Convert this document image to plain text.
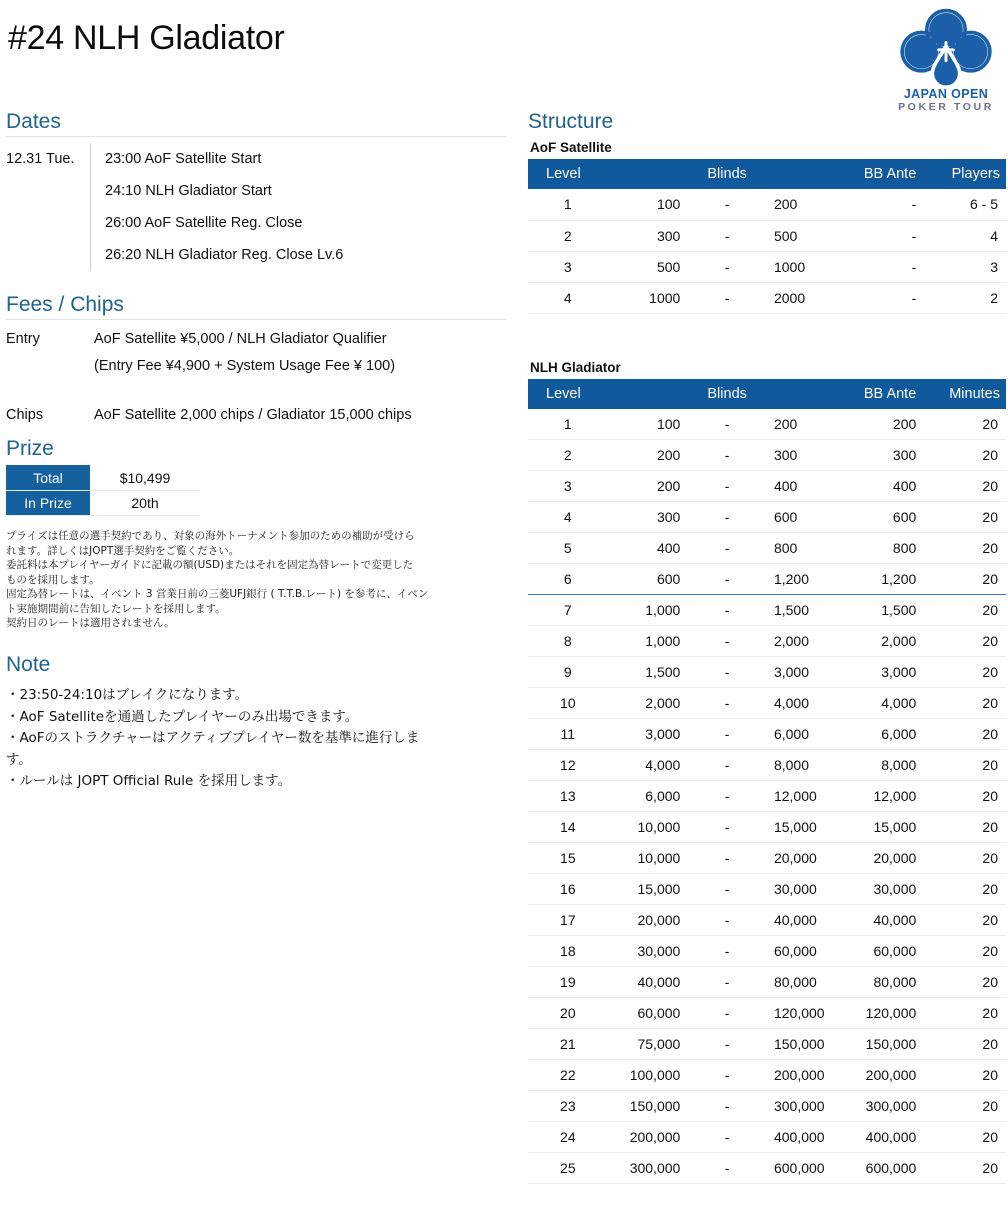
#24 NLH Gladiator
JAPAN OPEN
POKER TOUR
Dates
12.31 Tue.	23:00 AoF Satellite Start
24:10 NLH Gladiator Start
26:00 AoF Satellite Reg. Close
26:20 NLH Gladiator Reg. Close Lv.6
Fees / Chips
Entry	AoF Satellite ¥5,000 / NLH Gladiator Qualifier
(Entry Fee ¥4,900 + System Usage Fee ¥ 100)
Chips	AoF Satellite 2,000 chips / Gladiator 15,000 chips
Prize
Total	$10,499
In Prize	20th

プライズは任意の選手契約であり、対象の海外トーナメント参加のための補助が受けら

れます。詳しくはJOPT選手契約をご覧ください。

委託料は本プレイヤーガイドに記載の額(USD)またはそれを固定為替レートで変更した

ものを採用します。

固定為替レートは、イベント 3 営業日前の三菱UFJ銀行 ( T.T.B.レート) を参考に、イベン

ト実施期間前に告知したレートを採用します。

契約日のレートは適用されません。

Note

・23:50-24:10はブレイクになります。

・AoF Satelliteを通過したプレイヤーのみ出場できます。

・AoFのストラクチャーはアクティブプレイヤー数を基準に進行しま

す。

・ルールは JOPT Official Rule を採用します。

Structure
AoF Satellite
Level	Blinds			BB Ante	Players
1	100	-	200	-	6 - 5
2	300	-	500	-	4
3	500	-	1000	-	3
4	1000	-	2000	-	2
NLH Gladiator
Level	Blinds			BB Ante	Minutes
1	100	-	200	200	20
2	200	-	300	300	20
3	200	-	400	400	20
4	300	-	600	600	20
5	400	-	800	800	20
6	600	-	1,200	1,200	20
7	1,000	-	1,500	1,500	20
8	1,000	-	2,000	2,000	20
9	1,500	-	3,000	3,000	20
10	2,000	-	4,000	4,000	20
11	3,000	-	6,000	6,000	20
12	4,000	-	8,000	8,000	20
13	6,000	-	12,000	12,000	20
14	10,000	-	15,000	15,000	20
15	10,000	-	20,000	20,000	20
16	15,000	-	30,000	30,000	20
17	20,000	-	40,000	40,000	20
18	30,000	-	60,000	60,000	20
19	40,000	-	80,000	80,000	20
20	60,000	-	120,000	120,000	20
21	75,000	-	150,000	150,000	20
22	100,000	-	200,000	200,000	20
23	150,000	-	300,000	300,000	20
24	200,000	-	400,000	400,000	20
25	300,000	-	600,000	600,000	20
